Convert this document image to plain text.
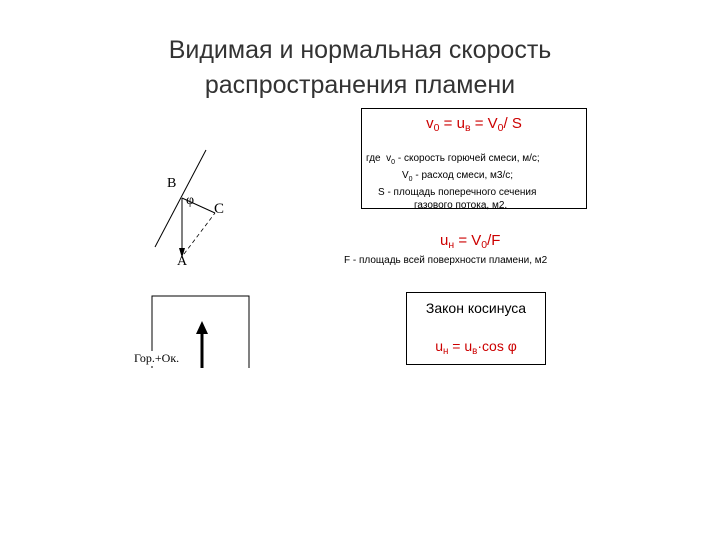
Видимая и нормальная скорость
распространения пламени
$v_0 = u_в = V_0/$ S
где $v_0$ - скорость горючей смеси, м/с;
$V_0$ - расход смеси, м3/с;
S - площадь поперечного сечения
газового потока, м2.
$u_н = V_0/F$
F - площадь всей поверхности пламени, м2
Закон косинуса
$u_н = u_в\cdot\cos$ φ
B
φ
C
A
Гор.+Ок.
